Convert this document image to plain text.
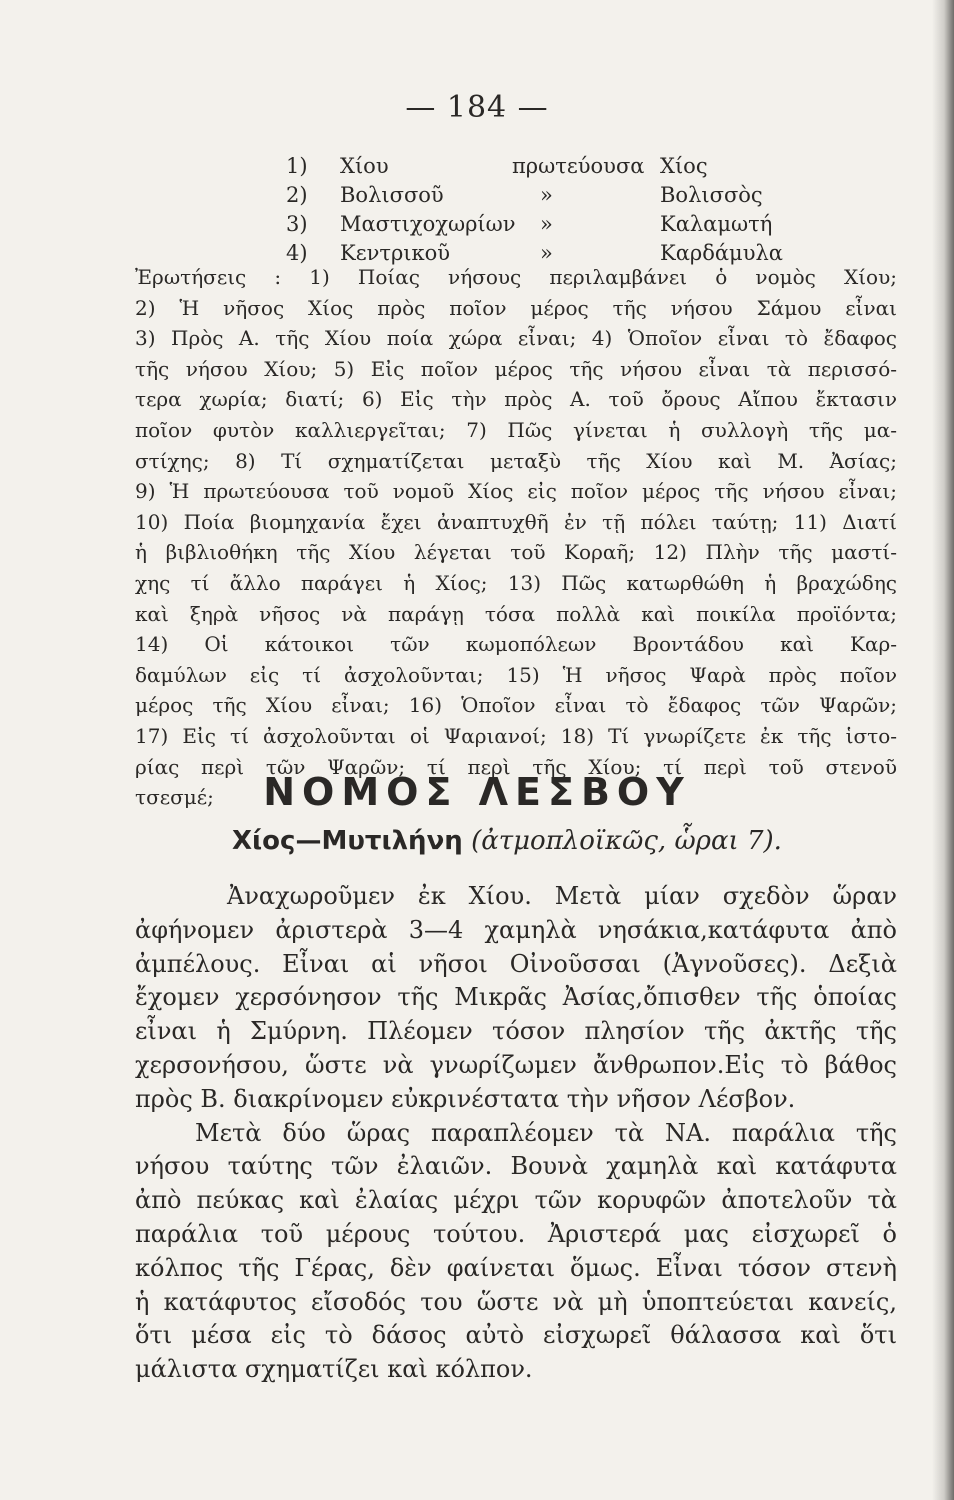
— 184 —
1) Χίου	πρωτεύουσα Χίος
2) Βολισσοῦ	»	Βολισσὸς
3) Μαστιχοχωρίων »	Καλαμωτή
4) Κεντρικοῦ	»	Καρδάμυλα
Ἐρωτήσεις : 1) Ποίας νήσους περιλαμβάνει ὁ νομὸς Χίου;
2) Ἡ νῆσος Χίος πρὸς ποῖον μέρος τῆς νήσου Σάμου εἶναι
3) Πρὸς Α. τῆς Χίου ποία χώρα εἶναι; 4) Ὁποῖον εἶναι τὸ ἔδαφος
τῆς νήσου Χίου; 5) Εἰς ποῖον μέρος τῆς νήσου εἶναι τὰ περισσό-
τερα χωρία; διατί; 6) Εἰς τὴν πρὸς Α. τοῦ ὄρους Αἴπου ἔκτασιν
ποῖον φυτὸν καλλιεργεῖται; 7) Πῶς γίνεται ἡ συλλογὴ τῆς μα-
στίχης; 8) Τί σχηματίζεται μεταξὺ τῆς Χίου καὶ Μ. Ἀσίας;
9) Ἡ πρωτεύουσα τοῦ νομοῦ Χίος εἰς ποῖον μέρος τῆς νήσου εἶναι;
10) Ποία βιομηχανία ἔχει ἀναπτυχθῆ ἐν τῇ πόλει ταύτῃ; 11) Διατί
ἡ βιβλιοθήκη τῆς Χίου λέγεται τοῦ Κοραῆ; 12) Πλὴν τῆς μαστί-
χης τί ἄλλο παράγει ἡ Χίος; 13) Πῶς κατωρθώθη ἡ βραχώδης
καὶ ξηρὰ νῆσος νὰ παράγῃ τόσα πολλὰ καὶ ποικίλα προϊόντα;
14) Οἱ κάτοικοι τῶν κωμοπόλεων Βροντάδου καὶ Καρ-
δαμύλων εἰς τί ἀσχολοῦνται; 15) Ἡ νῆσος Ψαρὰ πρὸς ποῖον
μέρος τῆς Χίου εἶναι; 16) Ὁποῖον εἶναι τὸ ἔδαφος τῶν Ψαρῶν;
17) Εἰς τί ἀσχολοῦνται οἱ Ψαριανοί; 18) Τί γνωρίζετε ἐκ τῆς ἱστο-
ρίας περὶ τῶν Ψαρῶν; τί περὶ τῆς Χίου; τί περὶ τοῦ στενοῦ
τσεσμέ;	ΝΟΜΟΣ ΛΕΣΒΟΥ
Χίος—Μυτιλήνη (ἀτμοπλοϊκῶς, ὧραι 7).
Ἀναχωροῦμεν ἐκ Χίου. Μετὰ μίαν σχεδὸν ὥραν
ἀφήνομεν ἀριστερὰ 3—4 χαμηλὰ νησάκια,κατάφυτα ἀπὸ
ἀμπέλους. Εἶναι αἱ νῆσοι Οἰνοῦσσαι (Ἀγνοῦσες). Δεξιὰ
ἔχομεν χερσόνησον τῆς Μικρᾶς Ἀσίας,ὄπισθεν τῆς ὁποίας
εἶναι ἡ Σμύρνη. Πλέομεν τόσον πλησίον τῆς ἀκτῆς τῆς
χερσονήσου, ὥστε νὰ γνωρίζωμεν ἄνθρωπον.Εἰς τὸ βάθος
πρὸς Β. διακρίνομεν εὐκρινέστατα τὴν νῆσον Λέσβον.
Μετὰ δύο ὥρας παραπλέομεν τὰ ΝΑ. παράλια τῆς
νήσου ταύτης τῶν ἐλαιῶν. Βουνὰ χαμηλὰ καὶ κατάφυτα
ἀπὸ πεύκας καὶ ἐλαίας μέχρι τῶν κορυφῶν ἀποτελοῦν τὰ
παράλια τοῦ μέρους τούτου. Ἀριστερά μας εἰσχωρεῖ ὁ
κόλπος τῆς Γέρας, δὲν φαίνεται ὅμως. Εἶναι τόσον στενὴ
ἡ κατάφυτος εἴσοδός του ὥστε νὰ μὴ ὑποπτεύεται κανείς,
ὅτι μέσα εἰς τὸ δάσος αὐτὸ εἰσχωρεῖ θάλασσα καὶ ὅτι
μάλιστα σχηματίζει καὶ κόλπον.
